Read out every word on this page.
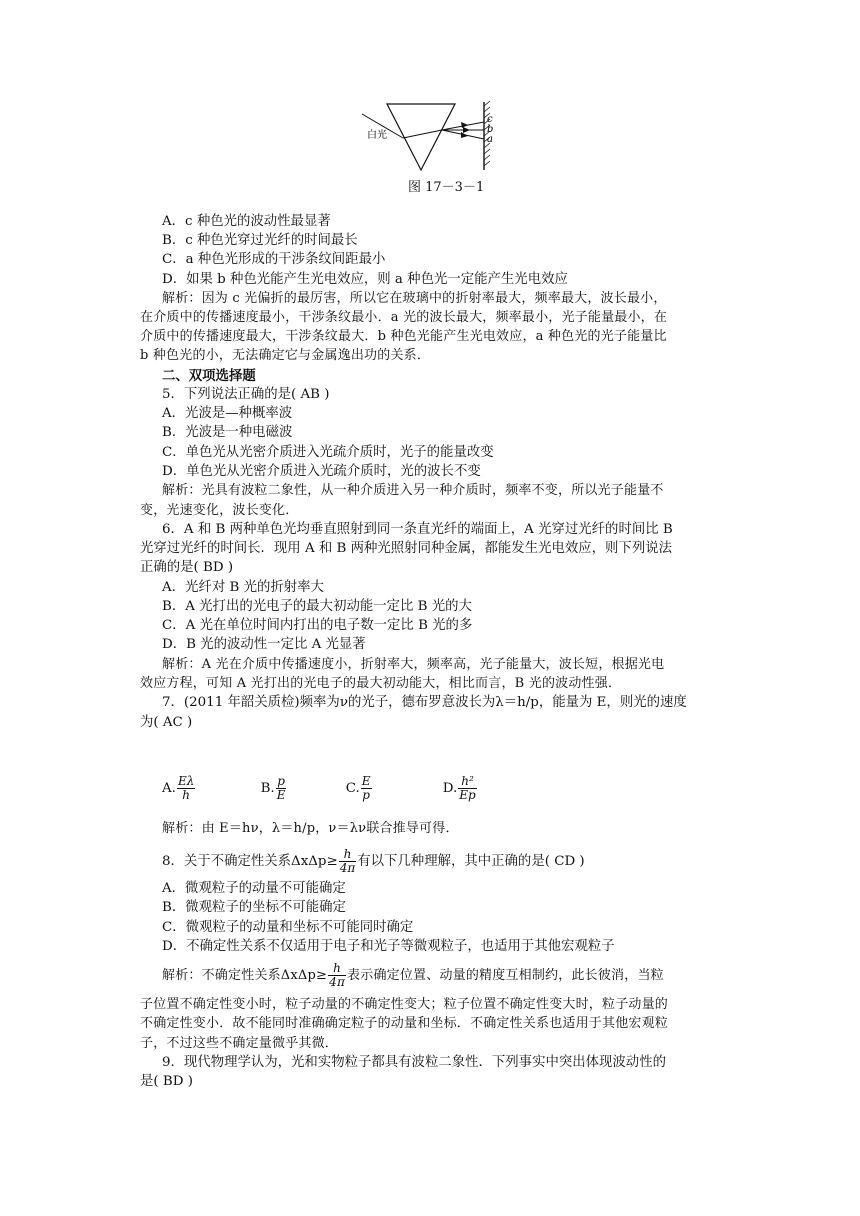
白光
c
b
a
图 17－3－1
A．c 种色光的波动性最显著
B．c 种色光穿过光纤的时间最长
C．a 种色光形成的干涉条纹间距最小
D．如果 b 种色光能产生光电效应，则 a 种色光一定能产生光电效应
解析：因为 c 光偏折的最厉害，所以它在玻璃中的折射率最大，频率最大，波长最小，
在介质中的传播速度最小，干涉条纹最小．a 光的波长最大，频率最小，光子能量最小，在
介质中的传播速度最大，干涉条纹最大．b 种色光能产生光电效应，a 种色光的光子能量比
b 种色光的小，无法确定它与金属逸出功的关系．
二、双项选择题
5．下列说法正确的是( AB )
A．光波是—种概率波
B．光波是一种电磁波
C．单色光从光密介质进入光疏介质时，光子的能量改变
D．单色光从光密介质进入光疏介质时，光的波长不变
解析：光具有波粒二象性，从一种介质进入另一种介质时，频率不变，所以光子能量不
变，光速变化，波长变化．
6．A 和 B 两种单色光均垂直照射到同一条直光纤的端面上，A 光穿过光纤的时间比 B
光穿过光纤的时间长．现用 A 和 B 两种光照射同种金属，都能发生光电效应，则下列说法
正确的是( BD )
A．光纤对 B 光的折射率大
B．A 光打出的光电子的最大初动能一定比 B 光的大
C．A 光在单位时间内打出的电子数一定比 B 光的多
D．B 光的波动性一定比 A 光显著
解析：A 光在介质中传播速度小，折射率大，频率高，光子能量大，波长短，根据光电
效应方程，可知 A 光打出的光电子的最大初动能大，相比而言，B 光的波动性强．
7．(2011 年韶关质检)频率为ν的光子，德布罗意波长为λ＝h/p，能量为 E，则光的速度
为( AC )
A. $\frac{E\lambda}{h}$	B. $\frac{p}{E}$	C. $\frac{E}{p}$	D. $\frac{\text{h²}}{Ep}$
解析：由 E＝hν，λ＝h/p，ν＝λν联合推导可得．
8．关于不确定性关系$\Delta x\Delta p\ge \frac{h}{4\pi}$ 有以下几种理解，其中正确的是( CD )
A．微观粒子的动量不可能确定
B．微观粒子的坐标不可能确定
C．微观粒子的动量和坐标不可能同时确定
D．不确定性关系不仅适用于电子和光子等微观粒子，也适用于其他宏观粒子
解析：不确定性关系$\Delta x\Delta p\ge \frac{h}{4\pi}$ 表示确定位置、动量的精度互相制约，此长彼消，当粒
子位置不确定性变小时，粒子动量的不确定性变大；粒子位置不确定性变大时，粒子动量的
不确定性变小．故不能同时准确确定粒子的动量和坐标．不确定性关系也适用于其他宏观粒
子，不过这些不确定量微乎其微．
9．现代物理学认为，光和实物粒子都具有波粒二象性．下列事实中突出体现波动性的
是( BD )
